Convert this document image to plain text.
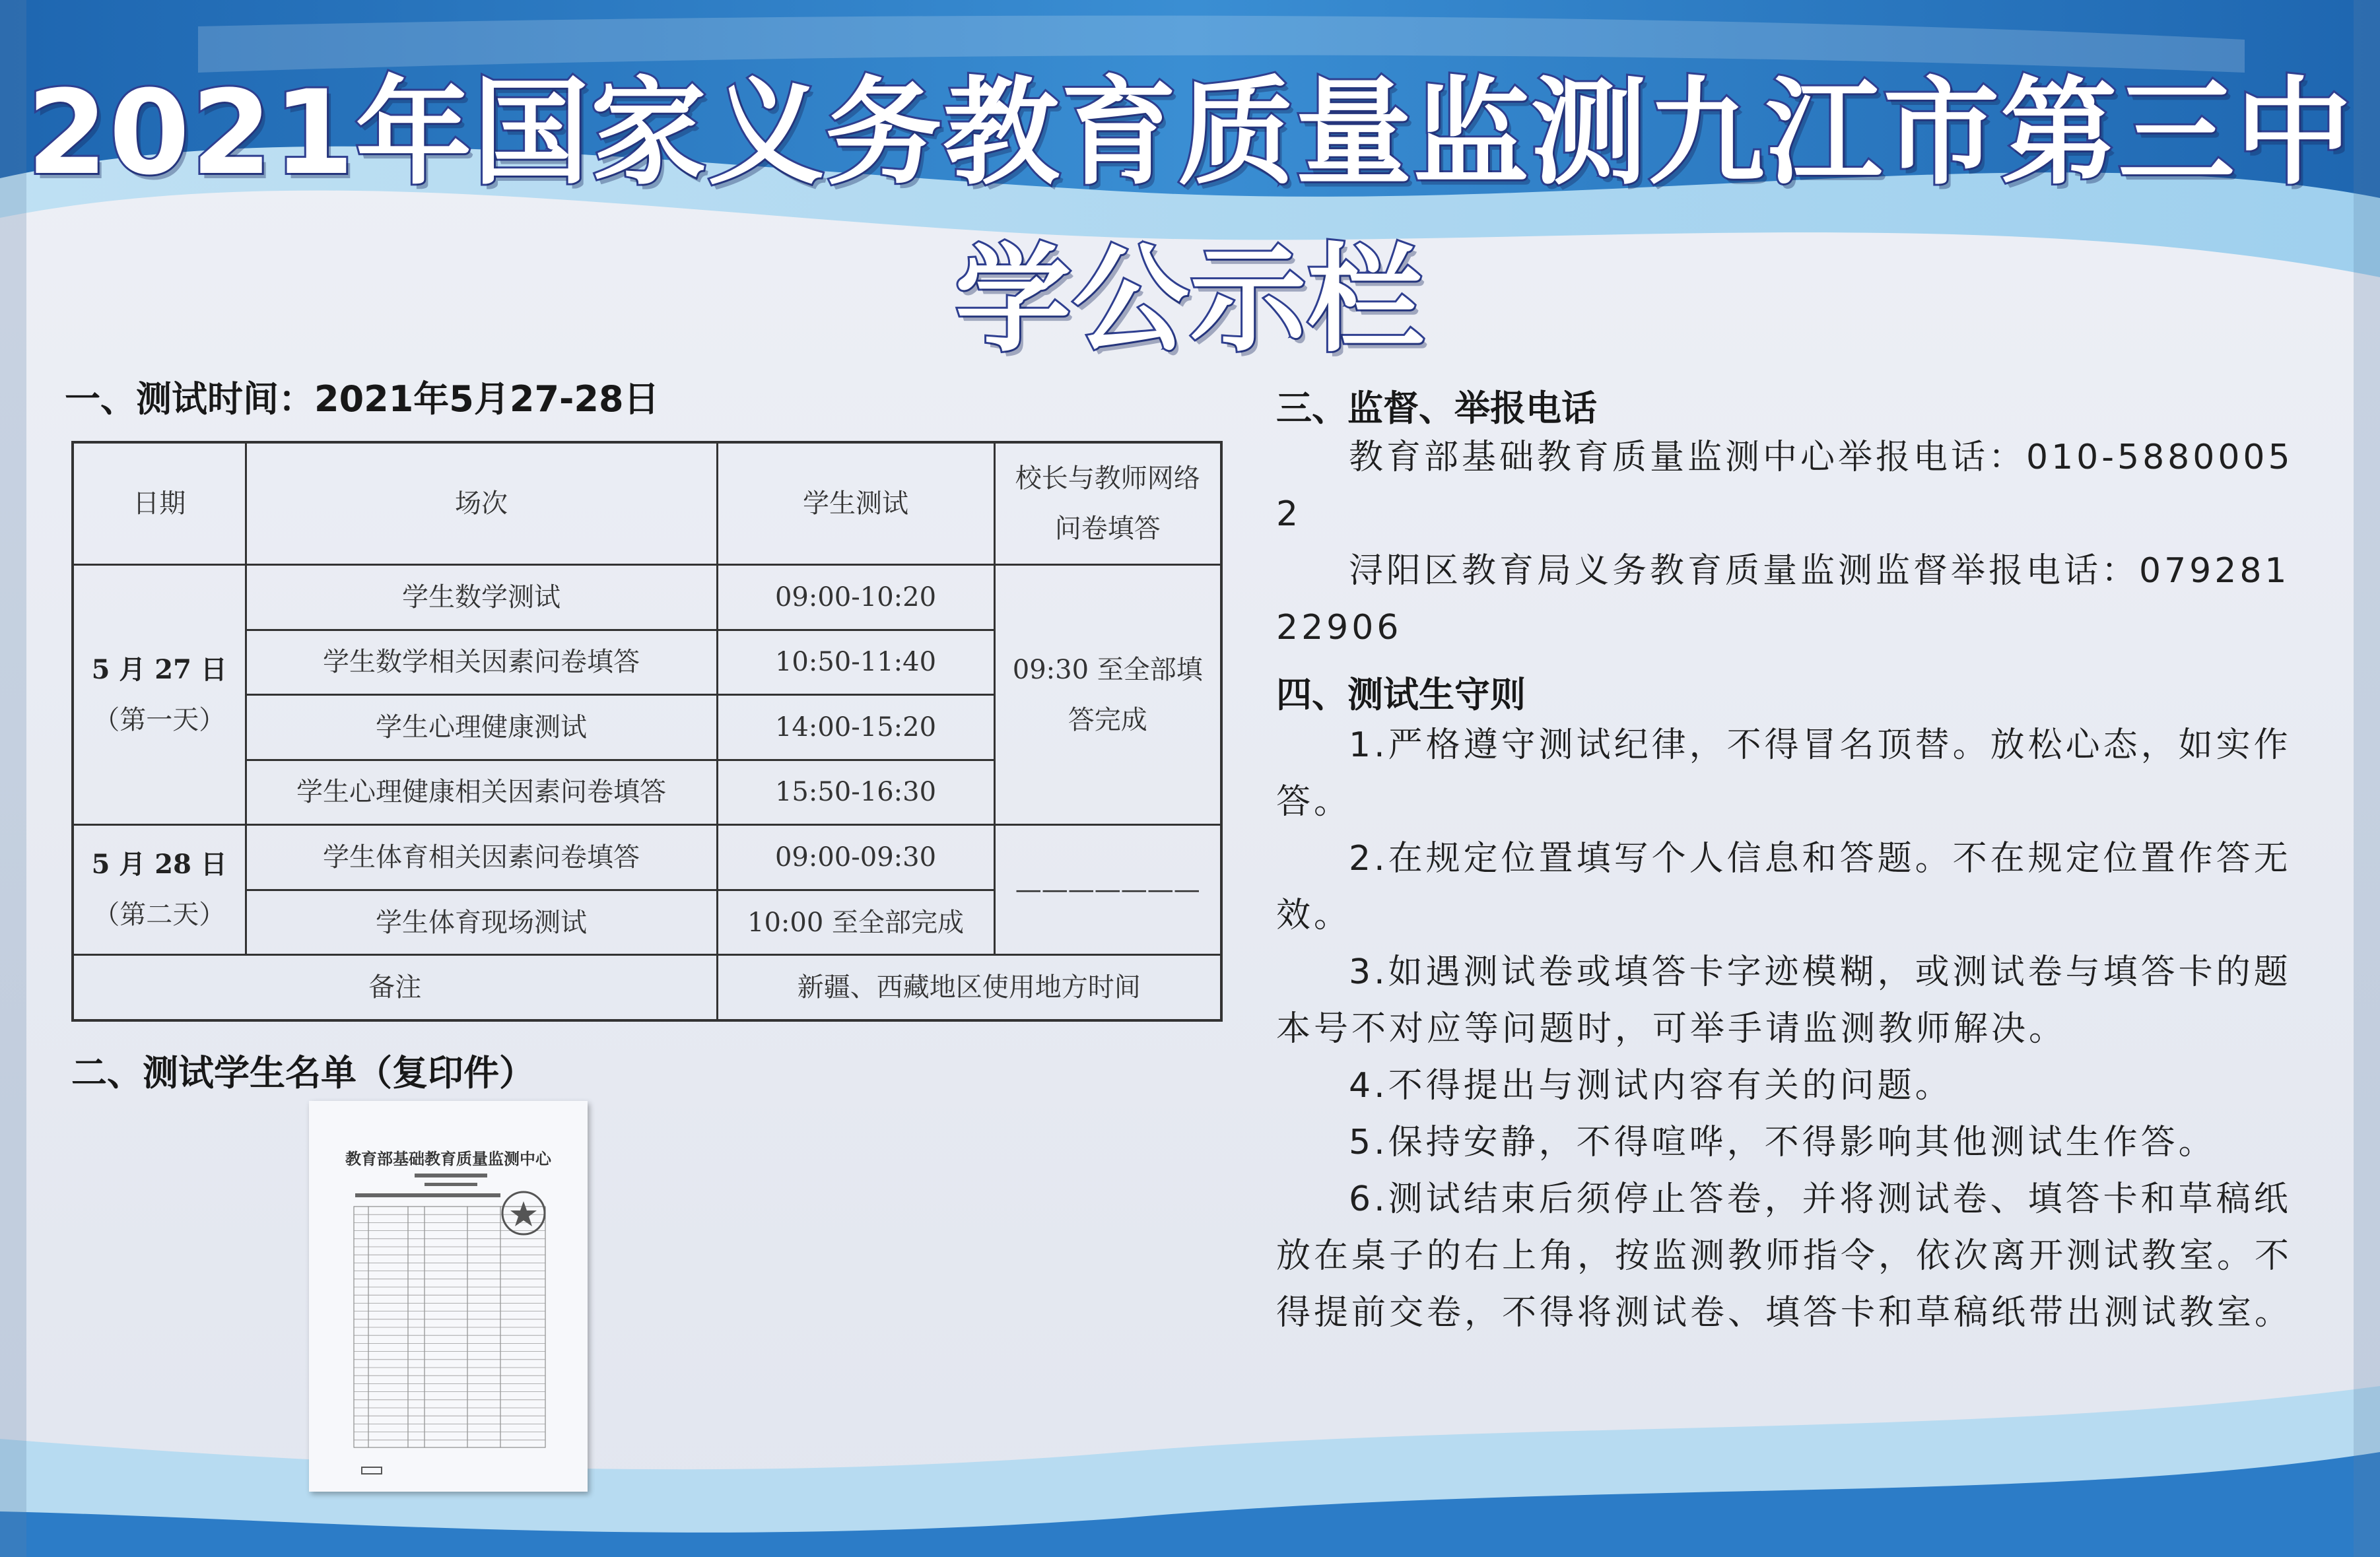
2021年国家义务教育质量监测九江市第三中学公示栏
一、测试时间：2021年5月27-28日
日期	场次	学生测试	校长与教师网络问卷填答

5 月 27 日
（第一天）	学生数学测试	09:00-10:20	09:30 至全部填答完成
	学生数学相关因素问卷填答	10:50-11:40	
	学生心理健康测试	14:00-15:20	
	学生心理健康相关因素问卷填答	15:50-16:30	

5 月 28 日
（第二天）	学生体育相关因素问卷填答	09:00-09:30	———————
	学生体育现场测试	10:00 至全部完成	
备注		新疆、西藏地区使用地方时间	
二、测试学生名单（复印件）
教育部基础教育质量监测中心
三、监督、举报电话

教育部基础教育质量监测中心举报电话：010-58800052

浔阳区教育局义务教育质量监测监督举报电话：07928122906

四、测试生守则

1.严格遵守测试纪律，不得冒名顶替。放松心态，如实作答。

2.在规定位置填写个人信息和答题。不在规定位置作答无效。

3.如遇测试卷或填答卡字迹模糊，或测试卷与填答卡的题本号不对应等问题时，可举手请监测教师解决。

4.不得提出与测试内容有关的问题。

5.保持安静，不得喧哗，不得影响其他测试生作答。

6.测试结束后须停止答卷，并将测试卷、填答卡和草稿纸放在桌子的右上角，按监测教师指令，依次离开测试教室。不得提前交卷，不得将测试卷、填答卡和草稿纸带出测试教室。
